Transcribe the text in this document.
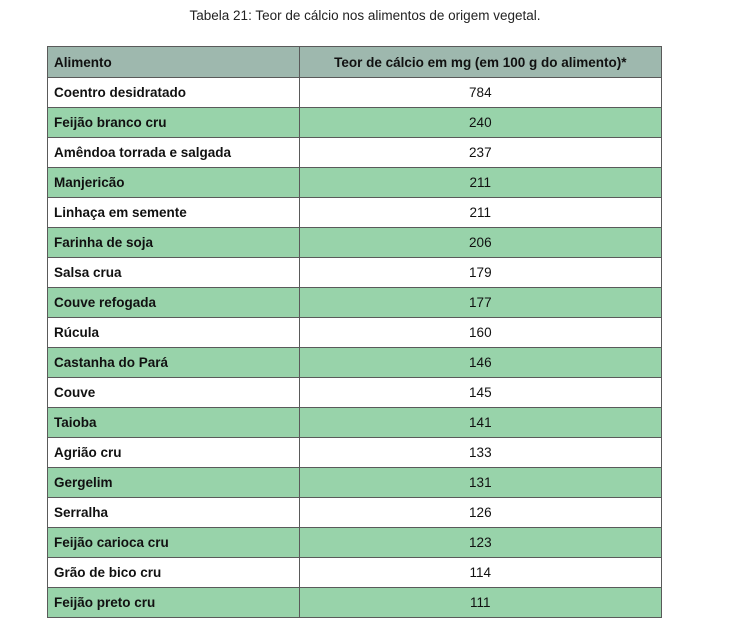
Tabela 21: Teor de cálcio nos alimentos de origem vegetal.
Alimento	Teor de cálcio em mg (em 100 g do alimento)*
Coentro desidratado	784
Feijão branco cru	240
Amêndoa torrada e salgada	237
Manjericão	211
Linhaça em semente	211
Farinha de soja	206
Salsa crua	179
Couve refogada	177
Rúcula	160
Castanha do Pará	146
Couve	145
Taioba	141
Agrião cru	133
Gergelim	131
Serralha	126
Feijão carioca cru	123
Grão de bico cru	114
Feijão preto cru	111
